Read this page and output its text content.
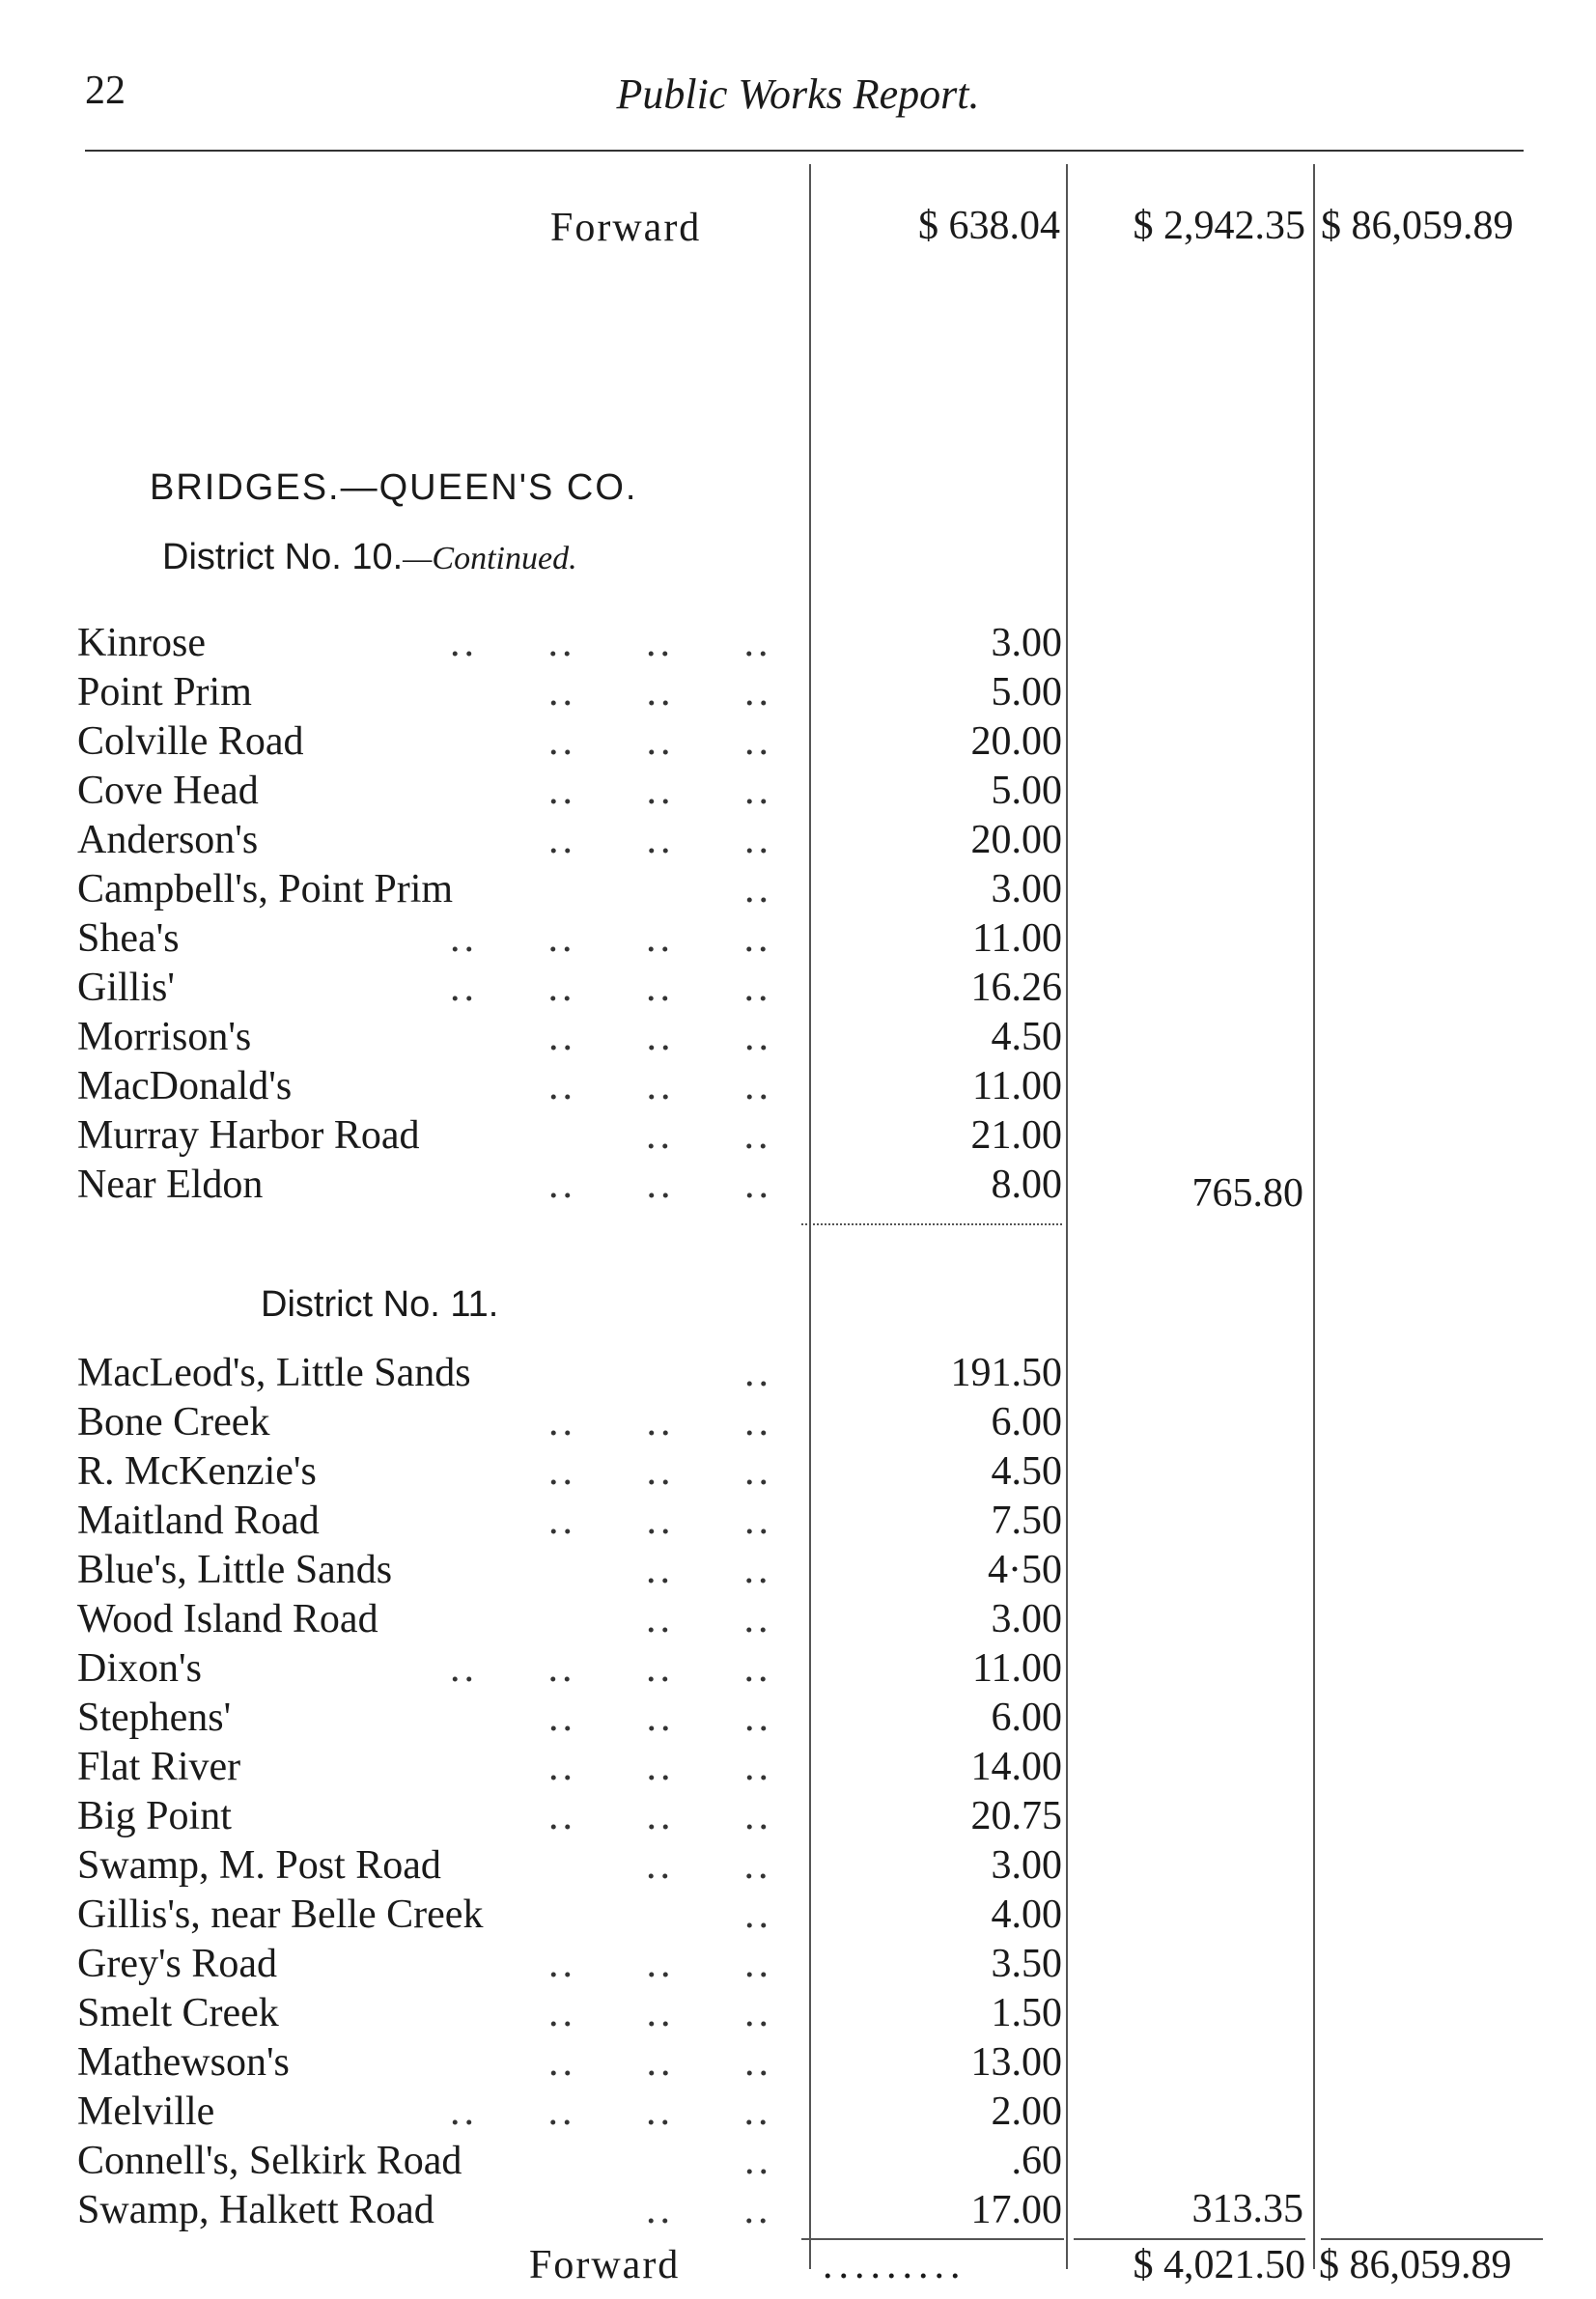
22	Public Works Report.
Forward	$ 638.04	$ 2,942.35 $ 86,059.89
BRIDGES.—QUEEN'S CO.
District No. 10.—Continued.
Kinrose	..     ..     ..     ..	3.00
Point Prim	..     ..     ..	5.00
Colville Road	..     ..     ..	20.00
Cove Head	..     ..     ..	5.00
Anderson's	..     ..     ..	20.00
Campbell's, Point Prim	..	3.00
Shea's	..     ..     ..     ..	11.00
Gillis'	..     ..     ..     ..	16.26
Morrison's	..     ..     ..	4.50
MacDonald's	..     ..     ..	11.00
Murray Harbor Road	..     ..	21.00
Near Eldon	..     ..     ..	8.00	765.80
District No. 11.
MacLeod's, Little Sands	..	191.50
Bone Creek	..     ..     ..	6.00
R. McKenzie's	..     ..     ..	4.50
Maitland Road	..     ..     ..	7.50
Blue's, Little Sands	..     ..	4·50
Wood Island Road	..     ..	3.00
Dixon's	..     ..     ..     ..	11.00
Stephens'	..     ..     ..	6.00
Flat River	..     ..     ..	14.00
Big Point	..     ..     ..	20.75
Swamp, M. Post Road	..     ..	3.00
Gillis's, near Belle Creek	..	4.00
Grey's Road	..     ..     ..	3.50
Smelt Creek	..     ..     ..	1.50
Mathewson's	..     ..     ..	13.00
Melville	..     ..     ..     ..	2.00
Connell's, Selkirk Road	..	.60
Swamp, Halkett Road	..     ..	17.00	313.35
Forward	.........	$ 4,021.50 $ 86,059.89
